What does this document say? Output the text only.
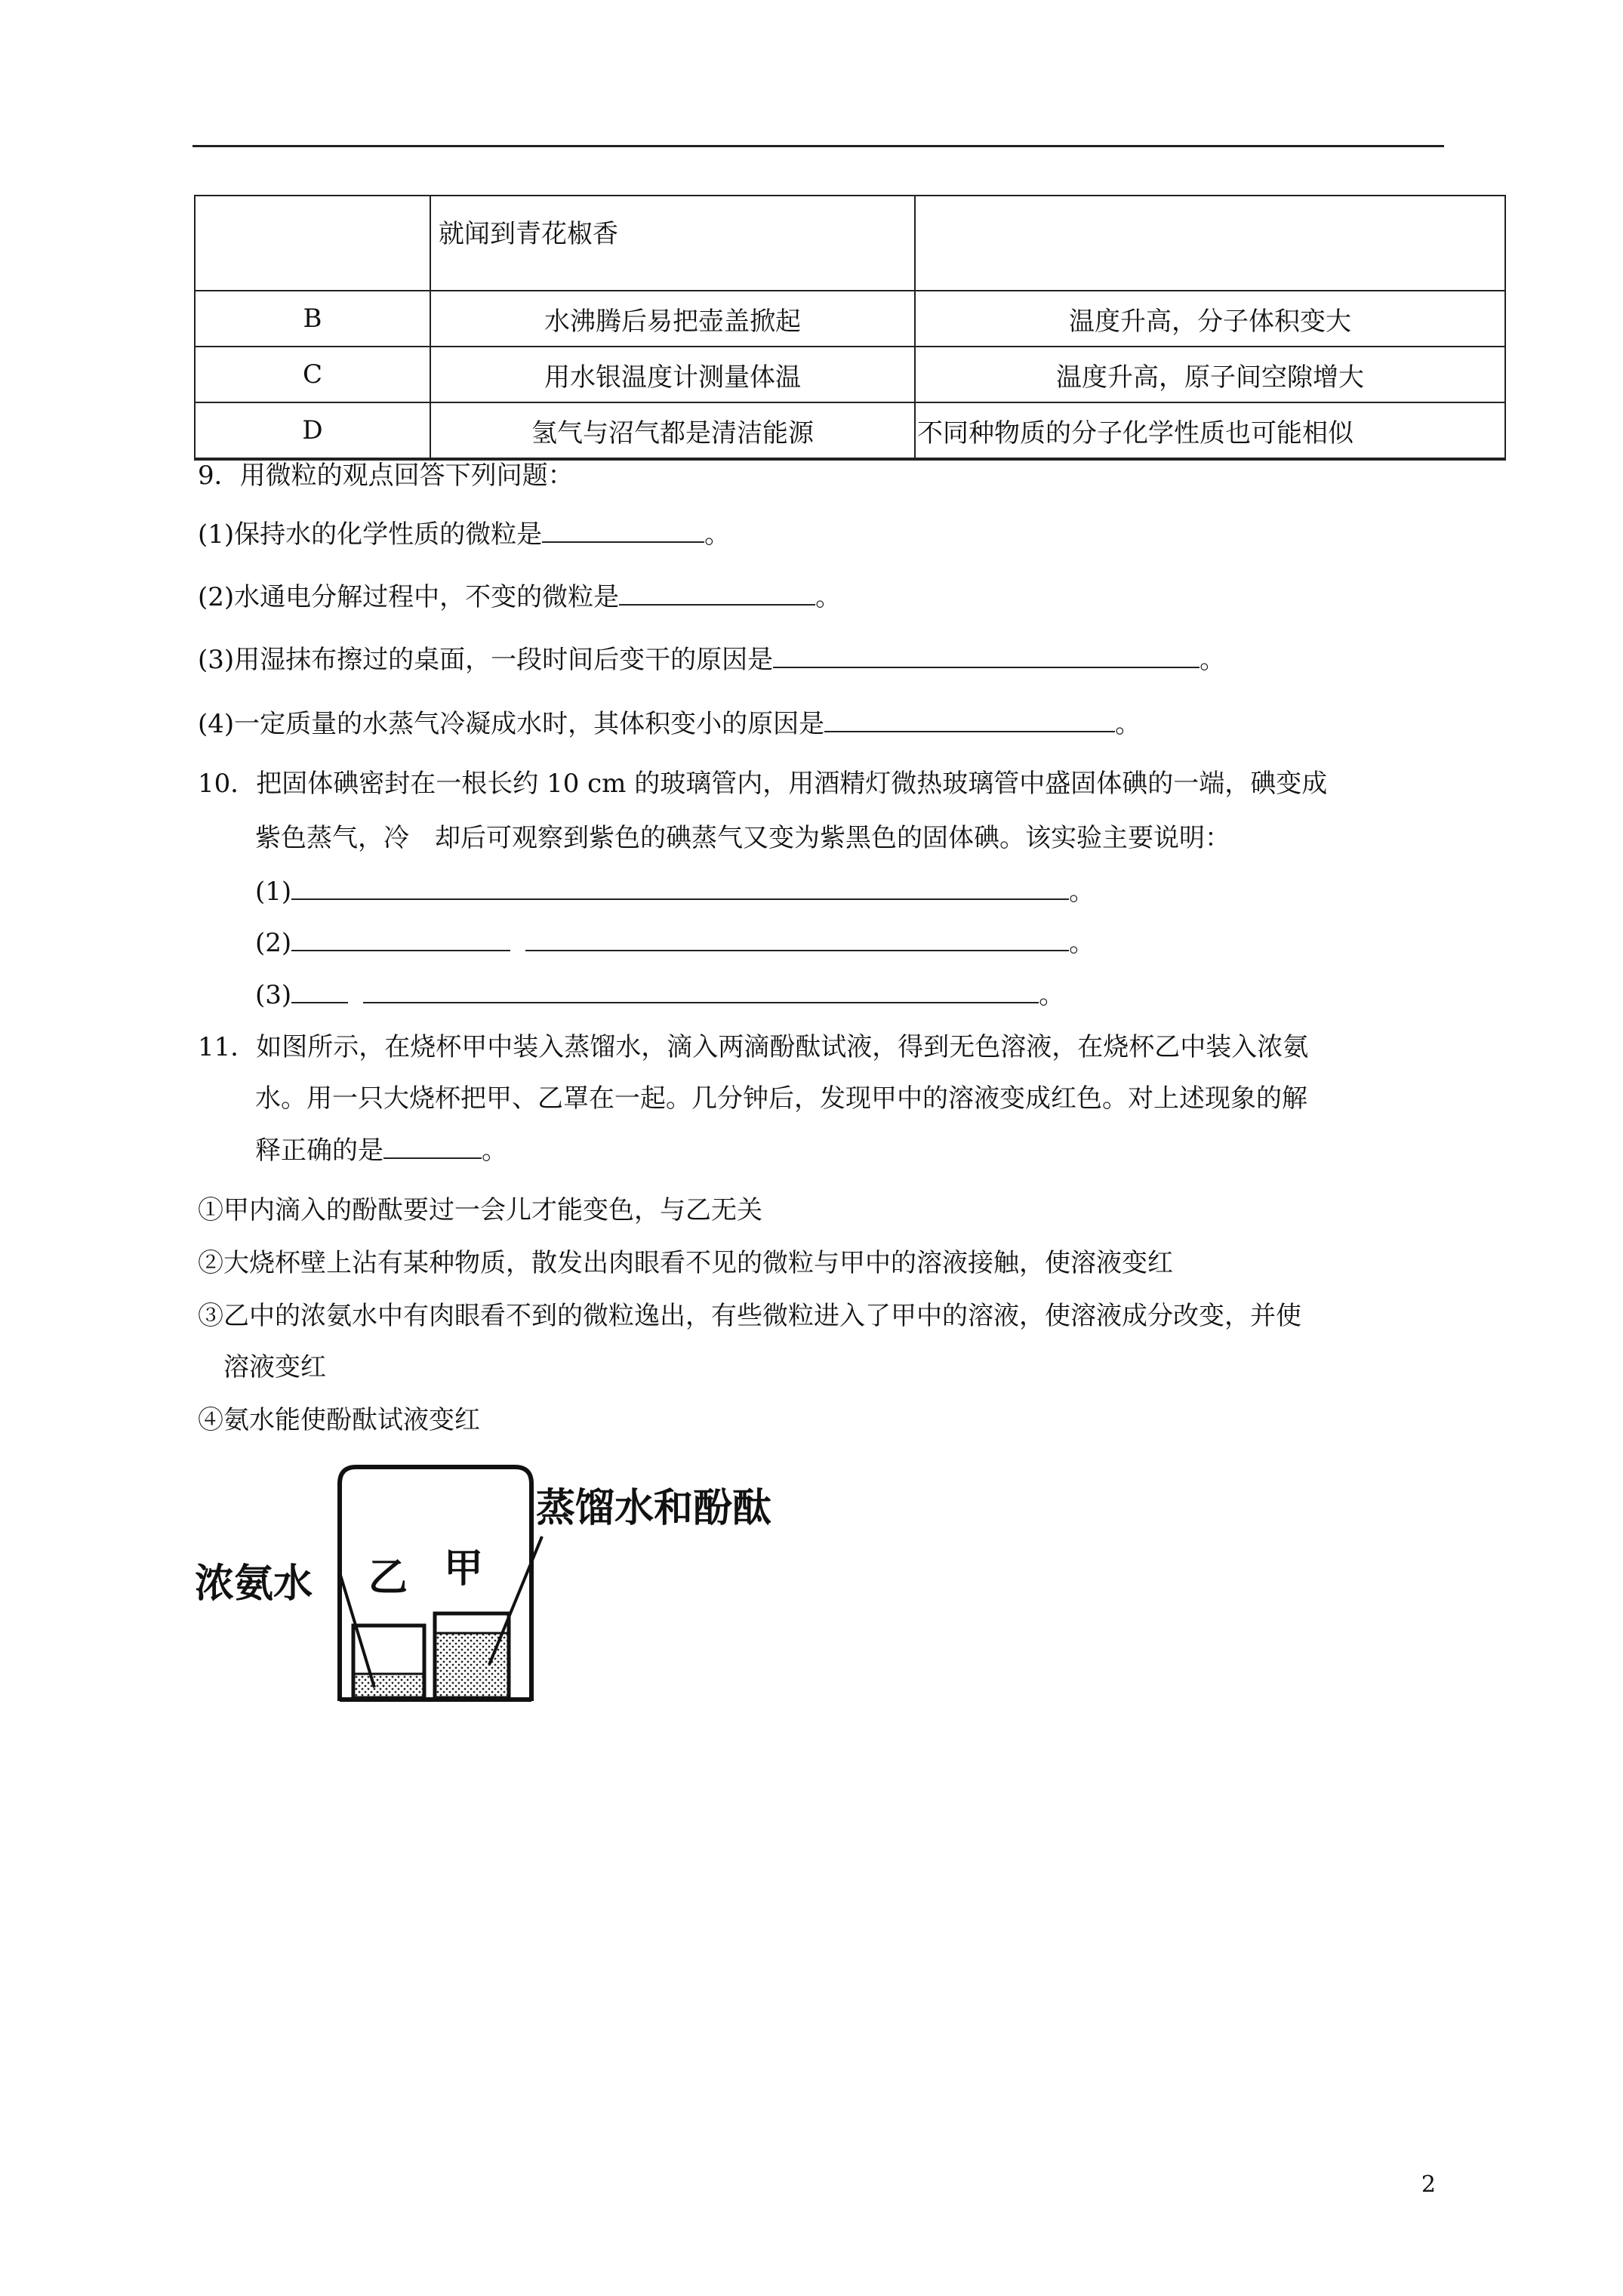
	就闻到青花椒香	
B	水沸腾后易把壶盖掀起	温度升高，分子体积变大
C	用水银温度计测量体温	温度升高，原子间空隙增大
D	氢气与沼气都是清洁能源	不同种物质的分子化学性质也可能相似
9．用微粒的观点回答下列问题：
(1)保持水的化学性质的微粒是	。
(2)水通电分解过程中，不变的微粒是	。
(3)用湿抹布擦过的桌面，一段时间后变干的原因是	。
(4)一定质量的水蒸气冷凝成水时，其体积变小的原因是	。
10．把固体碘密封在一根长约 10 cm 的玻璃管内，用酒精灯微热玻璃管中盛固体碘的一端，碘变成
紫色蒸气，冷　却后可观察到紫色的碘蒸气又变为紫黑色的固体碘。该实验主要说明：
(1)	。
(2)	。
(3)	。
11．如图所示，在烧杯甲中装入蒸馏水，滴入两滴酚酞试液，得到无色溶液，在烧杯乙中装入浓氨
水。用一只大烧杯把甲、乙罩在一起。几分钟后，发现甲中的溶液变成红色。对上述现象的解
释正确的是	。
①甲内滴入的酚酞要过一会儿才能变色，与乙无关
②大烧杯壁上沾有某种物质，散发出肉眼看不见的微粒与甲中的溶液接触，使溶液变红
③乙中的浓氨水中有肉眼看不到的微粒逸出，有些微粒进入了甲中的溶液，使溶液成分改变，并使
溶液变红
④氨水能使酚酞试液变红
浓氨水 乙 甲
蒸馏水和酚酞
2
